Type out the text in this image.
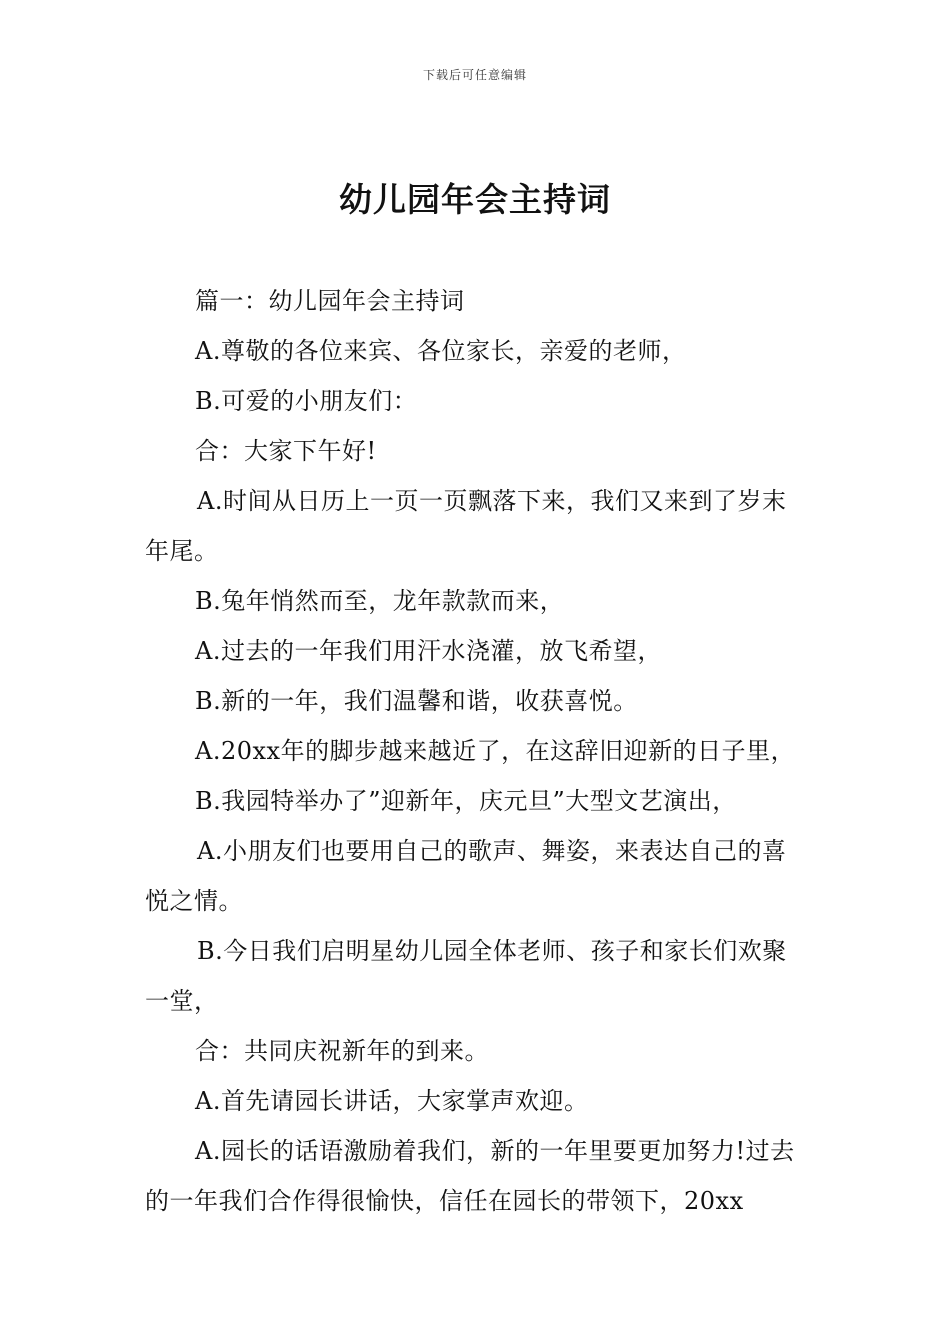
下载后可任意编辑
幼儿园年会主持词

篇一：幼儿园年会主持词

A.尊敬的各位来宾、各位家长，亲爱的老师，

B.可爱的小朋友们：

合：大家下午好!

A.时间从日历上一页一页飘落下来，我们又来到了岁末年尾。

B.兔年悄然而至，龙年款款而来，

A.过去的一年我们用汗水浇灌，放飞希望，

B.新的一年，我们温馨和谐，收获喜悦。

A.20xx年的脚步越来越近了，在这辞旧迎新的日子里，

B.我园特举办了”迎新年，庆元旦”大型文艺演出，

A.小朋友们也要用自己的歌声、舞姿，来表达自己的喜悦之情。

B.今日我们启明星幼儿园全体老师、孩子和家长们欢聚一堂，

合：共同庆祝新年的到来。

A.首先请园长讲话，大家掌声欢迎。

A.园长的话语激励着我们，新的一年里要更加努力!过去的一年我们合作得很愉快，信任在园长的带领下，20xx
